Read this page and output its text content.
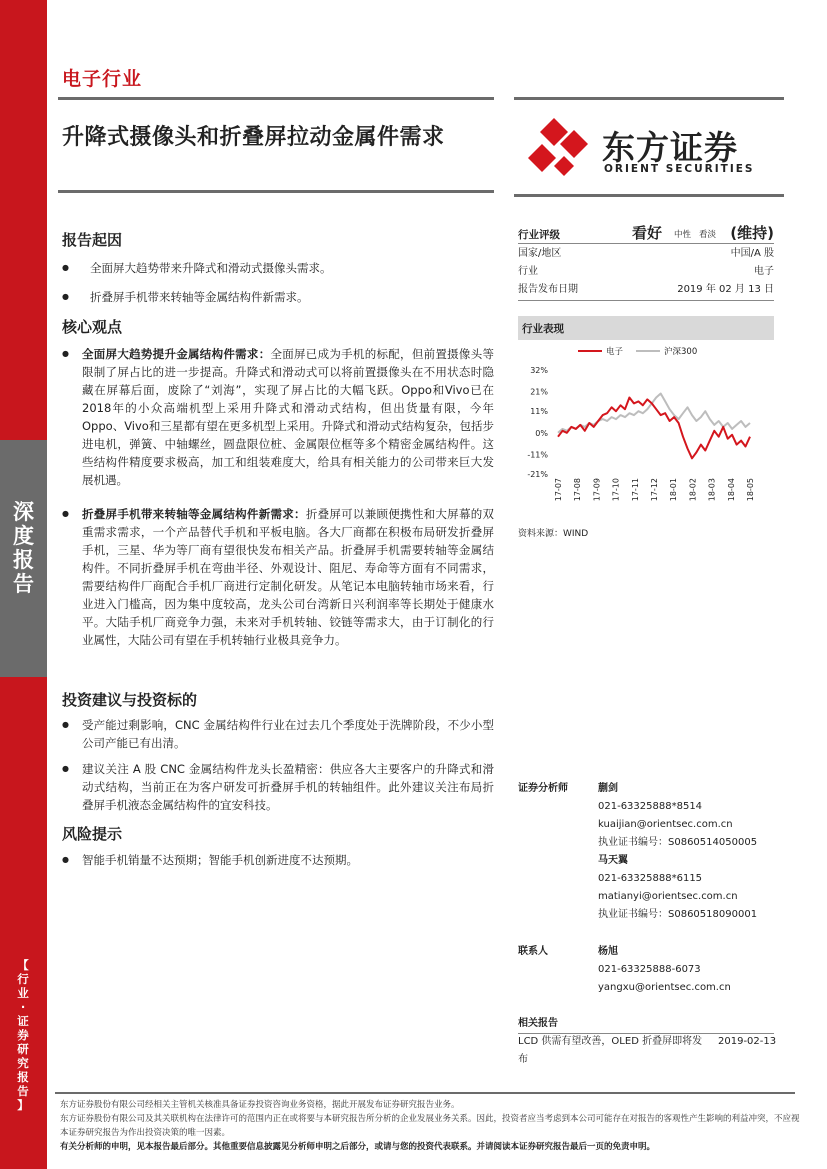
深
度
报
告
【
行
业
·
证
券
研
究
报
告
】
电子行业
升降式摄像头和折叠屏拉动金属件需求	东方证券
ORIENT SECURITIES
报告起因
● 全面屏大趋势带来升降式和滑动式摄像头需求。
● 折叠屏手机带来转轴等金属结构件新需求。
核心观点
● 全面屏大趋势提升金属结构件需求：全面屏已成为手机的标配，但前置摄像头等限制了屏占比的进一步提高。升降式和滑动式可以将前置摄像头在不用状态时隐藏在屏幕后面，废除了“刘海”，实现了屏占比的大幅飞跃。Oppo和Vivo已在2018年的小众高端机型上采用升降式和滑动式结构，但出货量有限，今年Oppo、Vivo和三星都有望在更多机型上采用。升降式和滑动式结构复杂，包括步进电机，弹簧、中轴螺丝，圆盘限位桩、金属限位框等多个精密金属结构件。这些结构件精度要求极高，加工和组装难度大，给具有相关能力的公司带来巨大发展机遇。
● 折叠屏手机带来转轴等金属结构件新需求：折叠屏可以兼顾便携性和大屏幕的双重需求需求，一个产品替代手机和平板电脑。各大厂商都在积极布局研发折叠屏手机，三星、华为等厂商有望很快发布相关产品。折叠屏手机需要转轴等金属结构件。不同折叠屏手机在弯曲半径、外观设计、阻尼、寿命等方面有不同需求，需要结构件厂商配合手机厂商进行定制化研发。从笔记本电脑转轴市场来看，行业进入门槛高，因为集中度较高，龙头公司台湾新日兴利润率等长期处于健康水平。大陆手机厂商竞争力强，未来对手机转轴、铰链等需求大，由于订制化的行业属性，大陆公司有望在手机转轴行业极具竞争力。
投资建议与投资标的
● 受产能过剩影响，CNC 金属结构件行业在过去几个季度处于洗牌阶段，不少小型公司产能已有出清。
● 建议关注 A 股 CNC 金属结构件龙头长盈精密：供应各大主要客户的升降式和滑动式结构，当前正在为客户研发可折叠屏手机的转轴组件。此外建议关注布局折叠屏手机液态金属结构件的宜安科技。
风险提示
● 智能手机销量不达预期；智能手机创新进度不达预期。
行业评级	看好 中性 看淡 (维持)
国家/地区	中国/A 股
行业	电子
报告发布日期	2019 年 02 月 13 日
行业表现
电子	沪深300
32%
21%
11%
0%
-11%
-21%
17-07 17-08 17-09 17-10 17-11 17-12 18-01 18-02 18-03 18-04 18-05
资料来源：WIND
证券分析师	蒯剑
021-63325888*8514
kuaijian@orientsec.com.cn
执业证书编号：S0860514050005
马天翼
021-63325888*6115
matianyi@orientsec.com.cn
执业证书编号：S0860518090001
联系人	杨旭
021-63325888-6073
yangxu@orientsec.com.cn
相关报告
LCD 供需有望改善，OLED 折叠屏即将发布
2019-02-13
东方证券股份有限公司经相关主管机关核准具备证券投资咨询业务资格，据此开展发布证券研究报告业务。
东方证券股份有限公司及其关联机构在法律许可的范围内正在或将要与本研究报告所分析的企业发展业务关系。因此，投资者应当考虑到本公司可能存在对报告的客观性产生影响的利益冲突，不应视本证券研究报告为作出投资决策的唯一因素。
有关分析师的申明，见本报告最后部分。其他重要信息披露见分析师申明之后部分，或请与您的投资代表联系。并请阅读本证券研究报告最后一页的免责申明。
